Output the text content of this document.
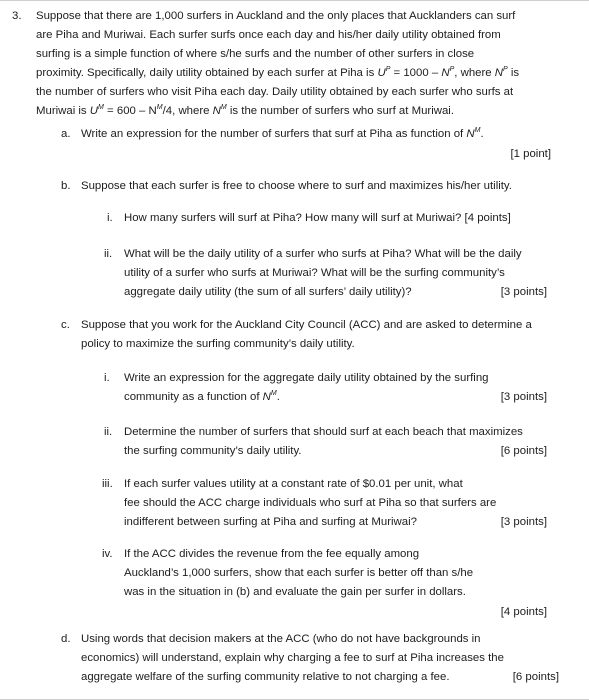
3. Suppose that there are 1,000 surfers in Auckland and the only places that Aucklanders can surf
are Piha and Muriwai. Each surfer surfs once each day and his/her daily utility obtained from
surfing is a simple function of where s/he surfs and the number of other surfers in close
proximity. Specifically, daily utility obtained by each surfer at Piha is $U^P = 1000 - N^P$, where $N^P$ is
the number of surfers who visit Piha each day. Daily utility obtained by each surfer who surfs at
Muriwai is $U^M = 600 - N^M/4$, where $N^M$ is the number of surfers who surf at Muriwai.
a. Write an expression for the number of surfers that surf at Piha as function of $N^M$.
[1 point]
b. Suppose that each surfer is free to choose where to surf and maximizes his/her utility.
i. How many surfers will surf at Piha? How many will surf at Muriwai? [4 points]
ii. What will be the daily utility of a surfer who surfs at Piha? What will be the daily
utility of a surfer who surfs at Muriwai? What will be the surfing community’s
aggregate daily utility (the sum of all surfers’ daily utility)?	[3 points]
c. Suppose that you work for the Auckland City Council (ACC) and are asked to determine a
policy to maximize the surfing community’s daily utility.
i. Write an expression for the aggregate daily utility obtained by the surfing
community as a function of $N^M$.	[3 points]
ii. Determine the number of surfers that should surf at each beach that maximizes
the surfing community’s daily utility.	[6 points]
iii. If each surfer values utility at a constant rate of $0.01 per unit, what
fee should the ACC charge individuals who surf at Piha so that surfers are
indifferent between surfing at Piha and surfing at Muriwai?	[3 points]
iv. If the ACC divides the revenue from the fee equally among
Auckland’s 1,000 surfers, show that each surfer is better off than s/he
was in the situation in (b) and evaluate the gain per surfer in dollars.
[4 points]
d. Using words that decision makers at the ACC (who do not have backgrounds in
economics) will understand, explain why charging a fee to surf at Piha increases the
aggregate welfare of the surfing community relative to not charging a fee.	[6 points]
